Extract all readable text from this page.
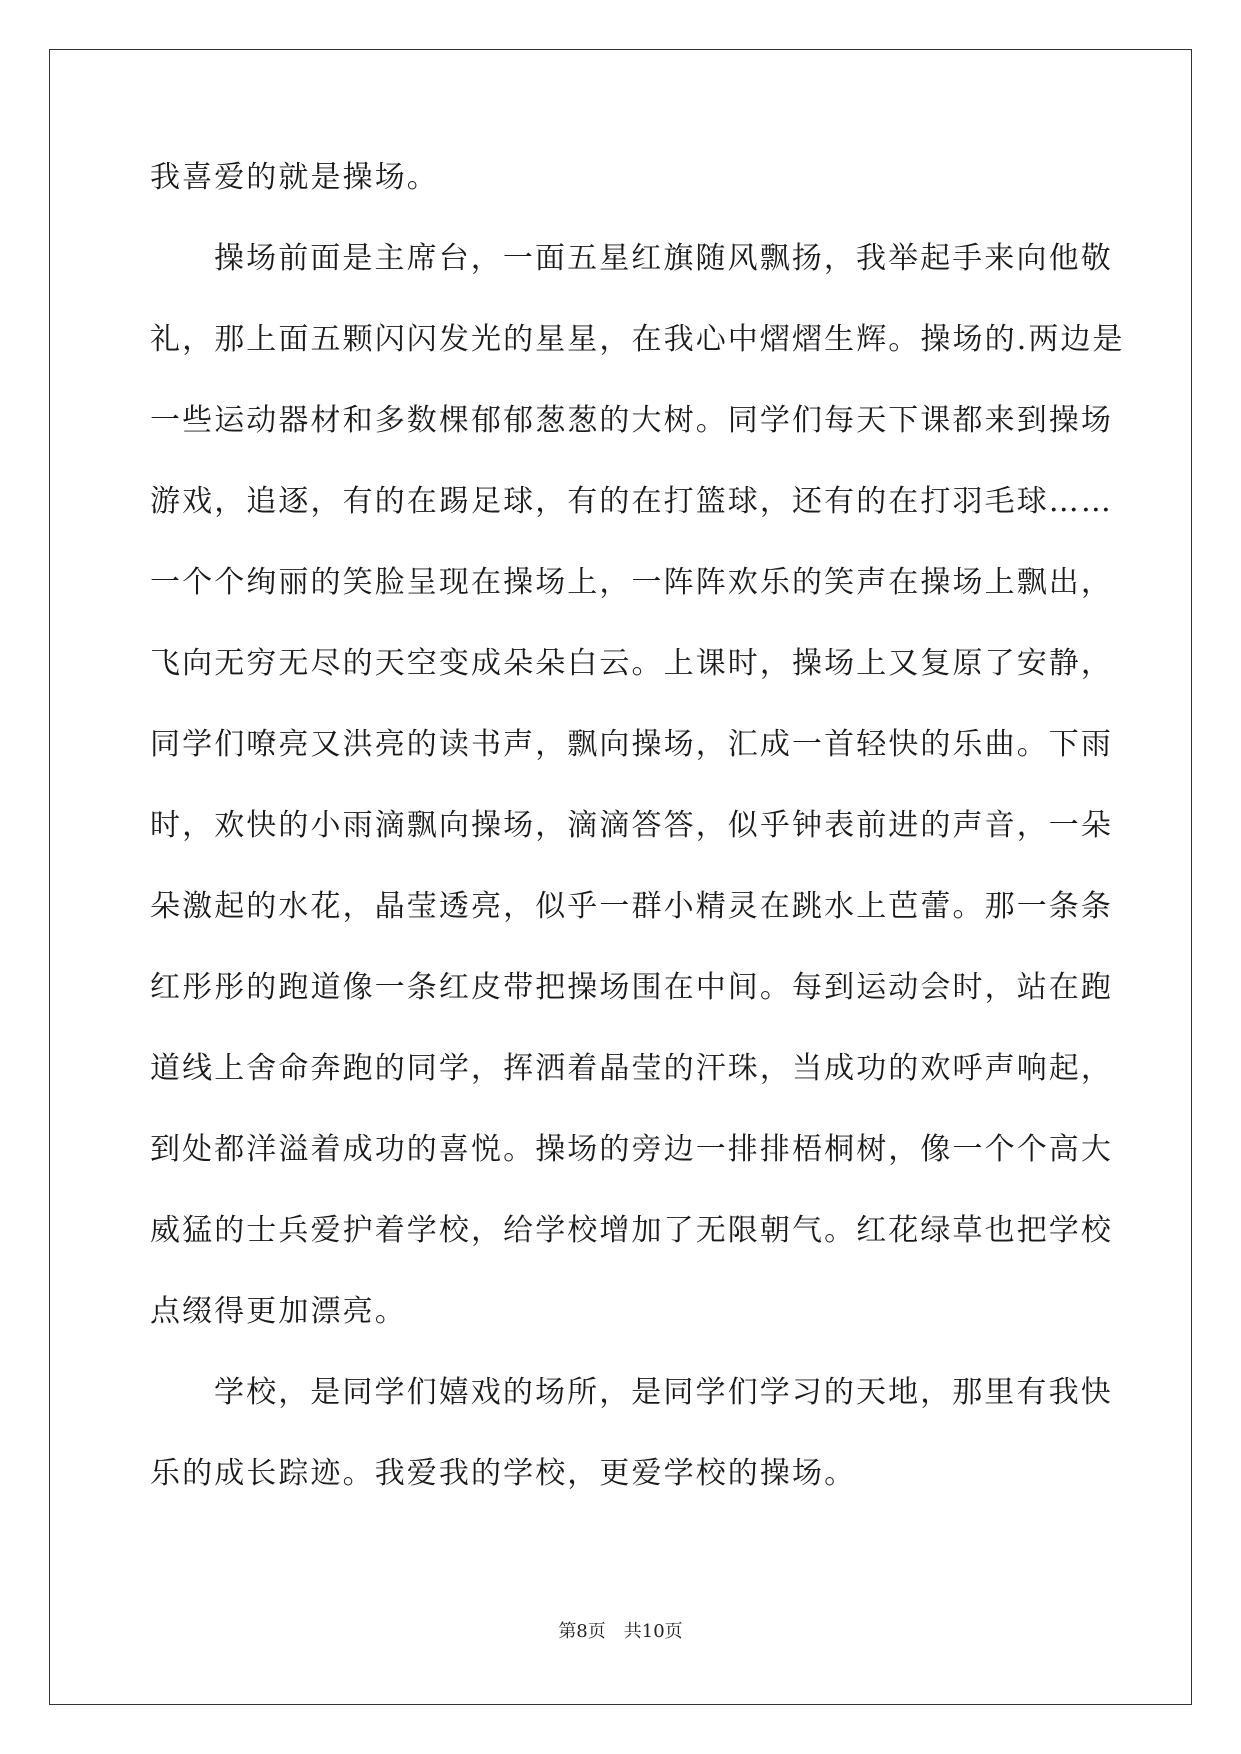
我喜爱的就是操场。
操场前面是主席台，一面五星红旗随风飘扬，我举起手来向他敬
礼，那上面五颗闪闪发光的星星，在我心中熠熠生辉。操场的.两边是
一些运动器材和多数棵郁郁葱葱的大树。同学们每天下课都来到操场
游戏，追逐，有的在踢足球，有的在打篮球，还有的在打羽毛球……
一个个绚丽的笑脸呈现在操场上，一阵阵欢乐的笑声在操场上飘出，
飞向无穷无尽的天空变成朵朵白云。上课时，操场上又复原了安静，
同学们嘹亮又洪亮的读书声，飘向操场，汇成一首轻快的乐曲。下雨
时，欢快的小雨滴飘向操场，滴滴答答，似乎钟表前进的声音，一朵
朵激起的水花，晶莹透亮，似乎一群小精灵在跳水上芭蕾。那一条条
红彤彤的跑道像一条红皮带把操场围在中间。每到运动会时，站在跑
道线上舍命奔跑的同学，挥洒着晶莹的汗珠，当成功的欢呼声响起，
到处都洋溢着成功的喜悦。操场的旁边一排排梧桐树，像一个个高大
威猛的士兵爱护着学校，给学校增加了无限朝气。红花绿草也把学校
点缀得更加漂亮。
学校，是同学们嬉戏的场所，是同学们学习的天地，那里有我快
乐的成长踪迹。我爱我的学校，更爱学校的操场。
第8页 共10页
